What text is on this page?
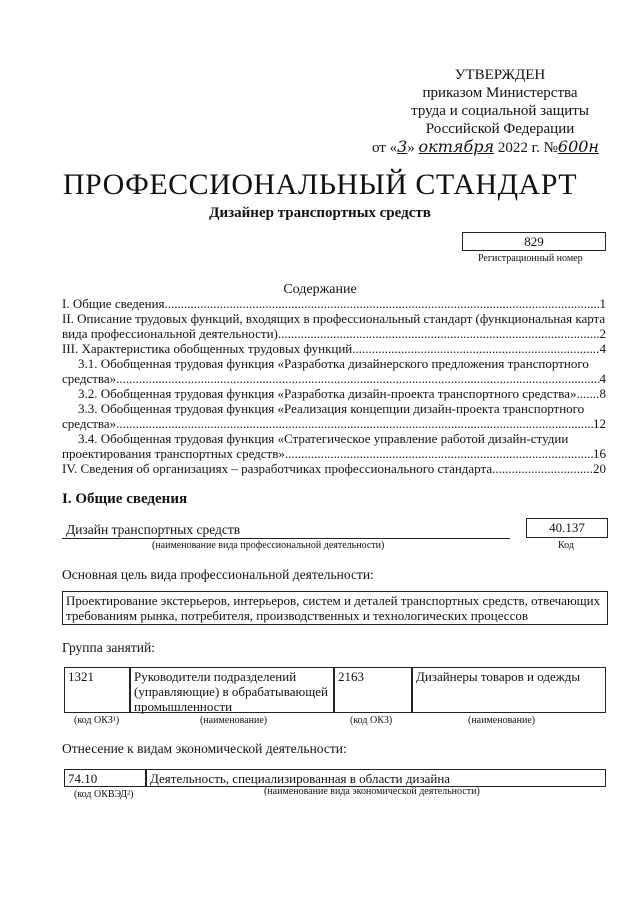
УТВЕРЖДЕН
приказом Министерства
труда и социальной защиты
Российской Федерации
от «3» октября 2022 г. №600н
ПРОФЕССИОНАЛЬНЫЙ СТАНДАРТ
Дизайнер транспортных средств
829
Регистрационный номер
Содержание
I. Общие сведения .....	1
II. Описание трудовых функций, входящих в профессиональный стандарт (функциональная карта
вида профессиональной деятельности) .....	2
III. Характеристика обобщенных трудовых функций .....	4
3.1. Обобщенная трудовая функция «Разработка дизайнерского предложения транспортного
средства» .....	4
3.2. Обобщенная трудовая функция «Разработка дизайн-проекта транспортного средства» ..... 8
3.3. Обобщенная трудовая функция «Реализация концепции дизайн-проекта транспортного
средства» .....	12
3.4. Обобщенная трудовая функция «Стратегическое управление работой дизайн-студии
проектирования транспортных средств» .....	16
IV. Сведения об организациях – разработчиках профессионального стандарта .....	20
I. Общие сведения
Дизайн транспортных средств
(наименование вида профессиональной деятельности)
40.137
Код
Основная цель вида профессиональной деятельности:
Проектирование экстерьеров, интерьеров, систем и деталей транспортных средств, отвечающих
требованиям рынка, потребителя, производственных и технологических процессов
Группа занятий:
1321	Руководители подразделений
(управляющие) в обрабатывающей
промышленности
2163	Дизайнеры товаров и одежды
(код ОКЗ¹)	(наименование)	(код ОКЗ)	(наименование)
Отнесение к видам экономической деятельности:
74.10	Деятельность, специализированная в области дизайна
(код ОКВЭД²)	(наименование вида экономической деятельности)
